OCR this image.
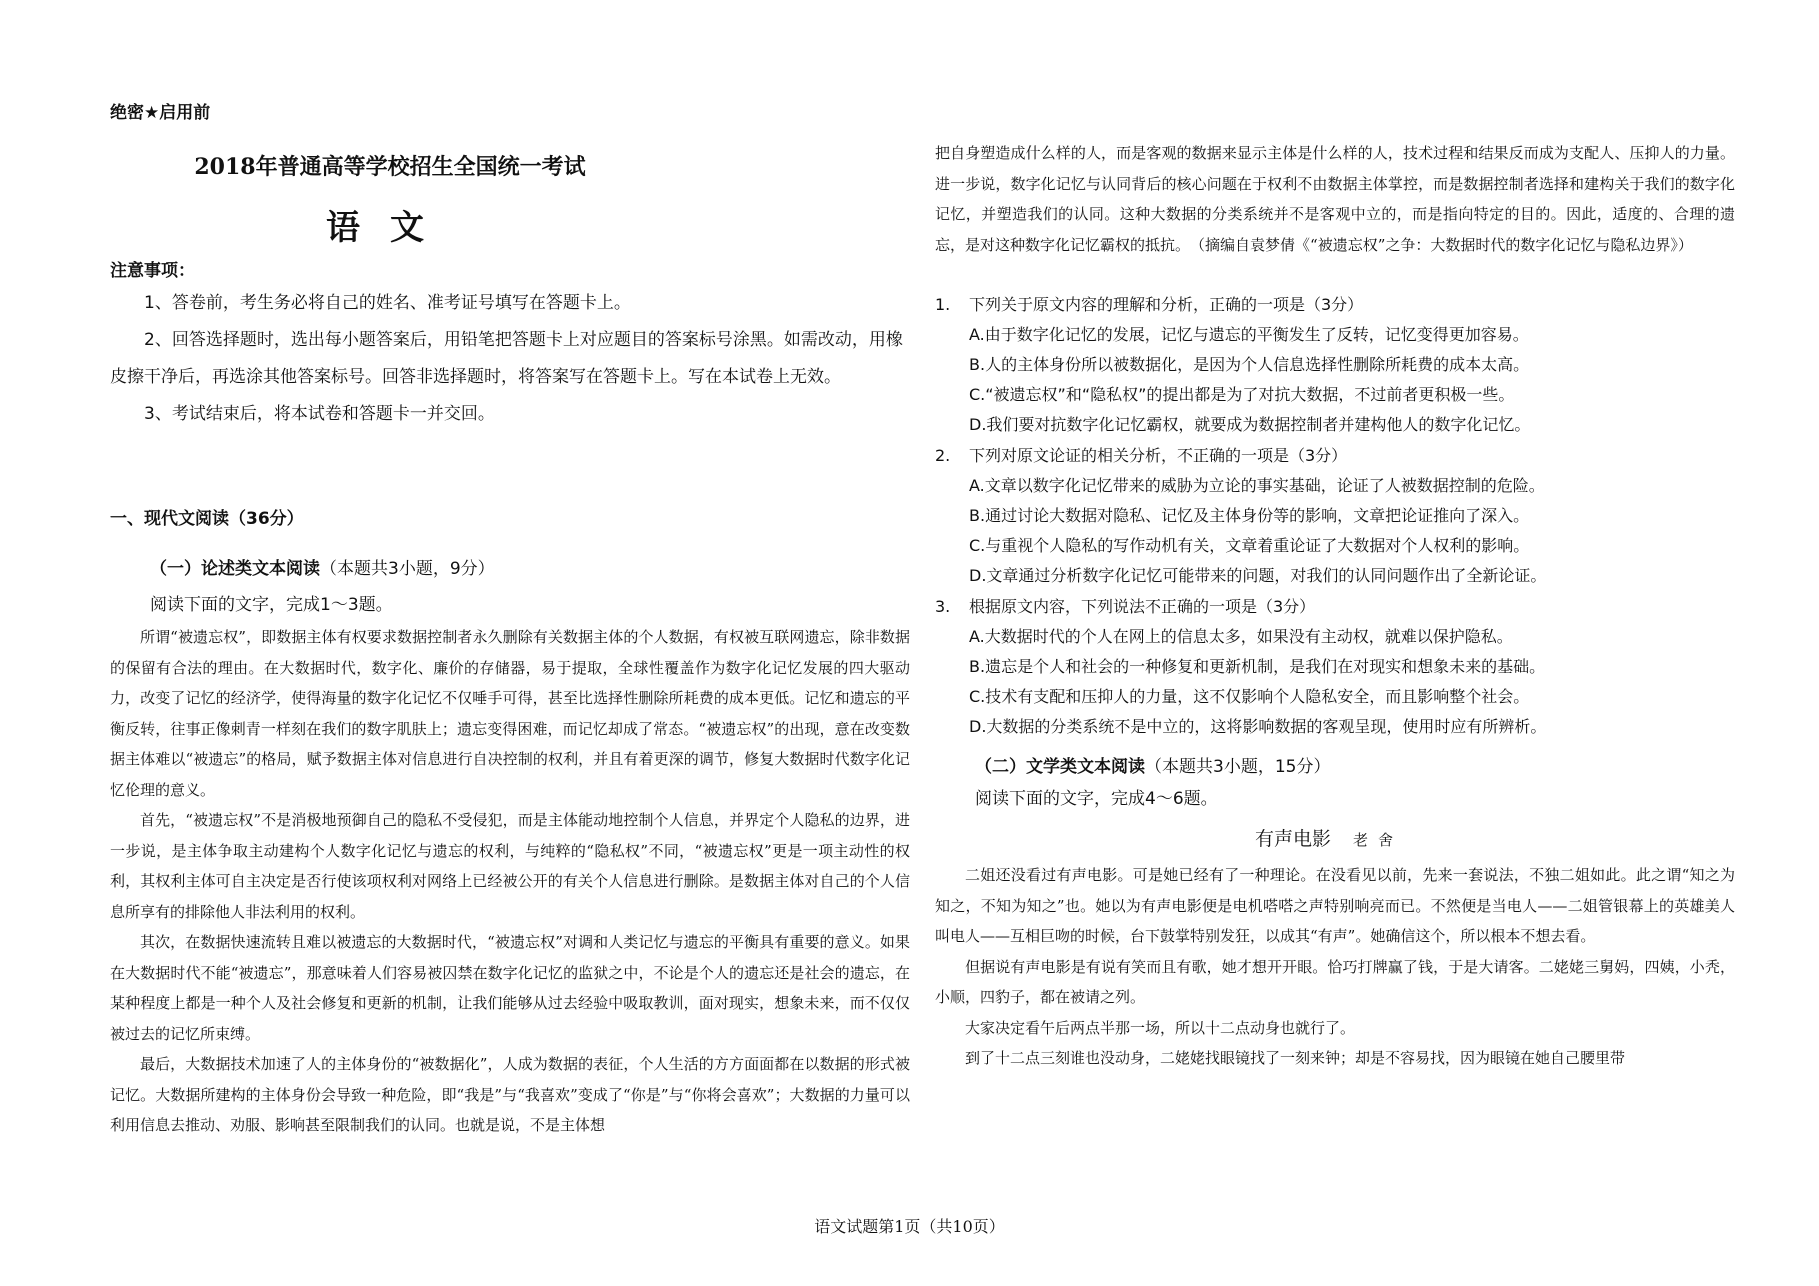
绝密★启用前
2018年普通高等学校招生全国统一考试
语文
注意事项：

1、答卷前，考生务必将自己的姓名、准考证号填写在答题卡上。

2、回答选择题时，选出每小题答案后，用铅笔把答题卡上对应题目的答案标号涂黑。如需改动，用橡皮擦干净后，再选涂其他答案标号。回答非选择题时，将答案写在答题卡上。写在本试卷上无效。

3、考试结束后，将本试卷和答题卡一并交回。

一、现代文阅读（36分）
（一）论述类文本阅读（本题共3小题，9分）
阅读下面的文字，完成1～3题。

所谓“被遗忘权”，即数据主体有权要求数据控制者永久删除有关数据主体的个人数据，有权被互联网遗忘，除非数据的保留有合法的理由。在大数据时代，数字化、廉价的存储器，易于提取，全球性覆盖作为数字化记忆发展的四大驱动力，改变了记忆的经济学，使得海量的数字化记忆不仅唾手可得，甚至比选择性删除所耗费的成本更低。记忆和遗忘的平衡反转，往事正像刺青一样刻在我们的数字肌肤上；遗忘变得困难，而记忆却成了常态。“被遗忘权”的出现，意在改变数据主体难以“被遗忘”的格局，赋予数据主体对信息进行自决控制的权利，并且有着更深的调节，修复大数据时代数字化记忆伦理的意义。

首先，“被遗忘权”不是消极地预御自己的隐私不受侵犯，而是主体能动地控制个人信息，并界定个人隐私的边界，进一步说，是主体争取主动建构个人数字化记忆与遗忘的权利，与纯粹的“隐私权”不同，“被遗忘权”更是一项主动性的权利，其权利主体可自主决定是否行使该项权利对网络上已经被公开的有关个人信息进行删除。是数据主体对自己的个人信息所享有的排除他人非法利用的权利。

其次，在数据快速流转且难以被遗忘的大数据时代，“被遗忘权”对调和人类记忆与遗忘的平衡具有重要的意义。如果在大数据时代不能“被遗忘”，那意味着人们容易被囚禁在数字化记忆的监狱之中，不论是个人的遗忘还是社会的遗忘，在某种程度上都是一种个人及社会修复和更新的机制，让我们能够从过去经验中吸取教训，面对现实，想象未来，而不仅仅被过去的记忆所束缚。

最后，大数据技术加速了人的主体身份的“被数据化”，人成为数据的表征，个人生活的方方面面都在以数据的形式被记忆。大数据所建构的主体身份会导致一种危险，即“我是”与“我喜欢”变成了“你是”与“你将会喜欢”；大数据的力量可以利用信息去推动、劝服、影响甚至限制我们的认同。也就是说，不是主体想

把自身塑造成什么样的人，而是客观的数据来显示主体是什么样的人，技术过程和结果反而成为支配人、压抑人的力量。进一步说，数字化记忆与认同背后的核心问题在于权利不由数据主体掌控，而是数据控制者选择和建构关于我们的数字化记忆，并塑造我们的认同。这种大数据的分类系统并不是客观中立的，而是指向特定的目的。因此，适度的、合理的遗忘，是对这种数字化记忆霸权的抵抗。　 （摘编自袁梦倩《“被遗忘权”之争：大数据时代的数字化记忆与隐私边界》）

1. 下列关于原文内容的理解和分析，正确的一项是（3分）

A.由于数字化记忆的发展，记忆与遗忘的平衡发生了反转，记忆变得更加容易。

B.人的主体身份所以被数据化，是因为个人信息选择性删除所耗费的成本太高。

C.“被遗忘权”和“隐私权”的提出都是为了对抗大数据，不过前者更积极一些。

D.我们要对抗数字化记忆霸权，就要成为数据控制者并建构他人的数字化记忆。

2. 下列对原文论证的相关分析，不正确的一项是（3分）

A.文章以数字化记忆带来的威胁为立论的事实基础，论证了人被数据控制的危险。

B.通过讨论大数据对隐私、记忆及主体身份等的影响，文章把论证推向了深入。

C.与重视个人隐私的写作动机有关，文章着重论证了大数据对个人权利的影响。

D.文章通过分析数字化记忆可能带来的问题，对我们的认同问题作出了全新论证。

3. 根据原文内容，下列说法不正确的一项是（3分）

A.大数据时代的个人在网上的信息太多，如果没有主动权，就难以保护隐私。

B.遗忘是个人和社会的一种修复和更新机制，是我们在对现实和想象未来的基础。

C.技术有支配和压抑人的力量，这不仅影响个人隐私安全，而且影响整个社会。

D.大数据的分类系统不是中立的，这将影响数据的客观呈现，使用时应有所辨析。

（二）文学类文本阅读（本题共3小题，15分）
阅读下面的文字，完成4～6题。
有声电影 老舍

二姐还没看过有声电影。可是她已经有了一种理论。在没看见以前，先来一套说法，不独二姐如此。此之谓“知之为知之，不知为知之”也。她以为有声电影便是电机嗒嗒之声特别响亮而已。不然便是当电人——二姐管银幕上的英雄美人叫电人——互相巨吻的时候，台下鼓掌特别发狂，以成其“有声”。她确信这个，所以根本不想去看。

但据说有声电影是有说有笑而且有歌，她才想开开眼。恰巧打牌赢了钱，于是大请客。二姥姥三舅妈，四姨，小秃，小顺，四豹子，都在被请之列。

大家决定看午后两点半那一场，所以十二点动身也就行了。

到了十二点三刻谁也没动身，二姥姥找眼镜找了一刻来钟；却是不容易找，因为眼镜在她自己腰里带

语文试题第1页（共10页）
